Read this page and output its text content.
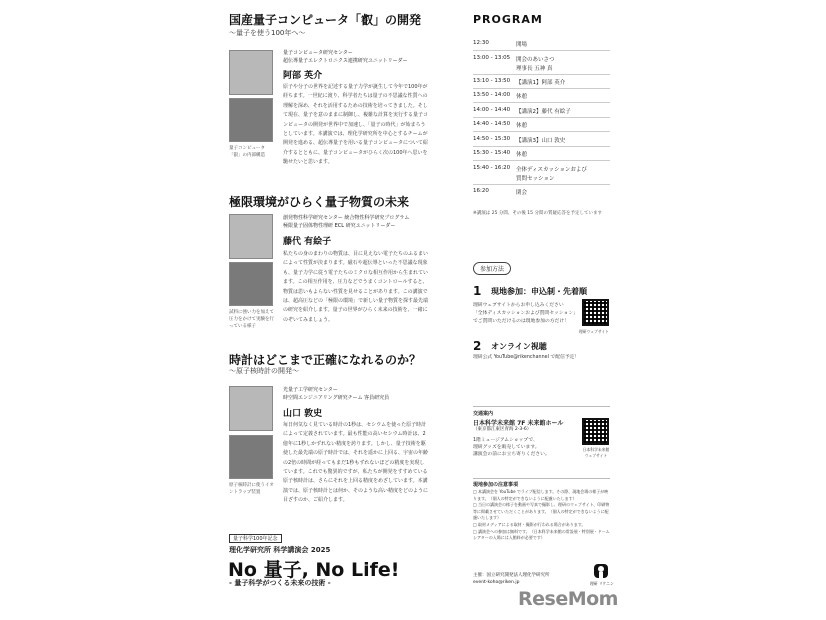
国産量子コンピュータ「叡」の開発
〜量子を使う100年へ〜
量子コンピュータ「叡」の内部構造
量子コンピュータ研究センター
超伝導量子エレクトロニクス連携研究ユニットリーダー
阿部 英介
原子や分子の世界を記述する量子力学が誕生して今年で100年が経ちます。一世紀に渡り、科学者たちは量子の不思議な性質への理解を深め、それを活用するための技術を培ってきました。そして現在、量子を意のままに制御し、複雑な計算を実行する量子コンピュータの開発が世界中で加速し、「量子の時代」が始まろうとしています。本講演では、理化学研究所を中心とするチームが開発を進める、超伝導量子を用いる量子コンピュータについて紹介するとともに、量子コンピュータがひらく次の100年へ思いを馳せたいと思います。
極限環境がひらく量子物質の未来
試料に強い力を加えて圧力をかけて実験を行っている様子
創発物性科学研究センター 統合物性科学研究プログラム
極限量子固体物性理研 ECL 研究ユニットリーダー
藤代 有絵子
私たちの身のまわりの物質は、目に見えない電子たちのふるまいによって性質が決まります。磁石や超伝導といった不思議な現象も、量子力学に従う電子たちのミクロな相互作用から生まれています。この相互作用を、圧力などでうまくコントロールすると、物質は思いもよらない性質を見せることがあります。この講演では、超高圧などの「極限の環境」で新しい量子物質を探す最先端の研究を紹介します。量子の世界がひらく未来の技術を、一緒にのぞいてみましょう。
時計はどこまで正確になれるのか？
〜原子核時計の開発〜
原子核時計に使うイオントラップ装置
光量子工学研究センター
時空間エンジニアリング研究チーム 客員研究員
山口 敦史
毎日何気なく見ている時計の1秒は、セシウムを使った原子時計によって定義されています。最も性能の高いセシウム時計は、2億年に1秒しかずれない精度を誇ります。しかし、量子技術を駆使した最先端の原子時計では、それを遥かに上回る、宇宙の年齢の2倍の時間が経ってもまだ1秒もずれないほどの精度を実現しています。これでも驚異的ですが、私たちが開発をすすめている原子核時計は、さらにそれを上回る精度をめざしています。本講演では、原子核時計とは何か、そのような高い精度をどのように目ざすのか、ご紹介します。
量子科学100年記念
理化学研究所 科学講演会 2025
No 量子, No Life!
- 量子科学がつくる未来の技術 -
PROGRAM
12:30	開場
13:00 - 13:05 開会のあいさつ
理事長 五神 真
13:10 - 13:50 【講演1】阿部 英介
13:50 - 14:00 休憩
14:00 - 14:40 【講演2】藤代 有絵子
14:40 - 14:50 休憩
14:50 - 15:30 【講演3】山口 敦史
15:30 - 15:40 休憩
15:40 - 16:20 全体ディスカッションおよび
質問セッション
16:20	閉会
※講演は 25 分間、その後 15 分間の質疑応答を予定しています
参加方法
1 現地参加：申込制・先着順
理研ウェブサイトからお申し込みください
「全体ディスカッションおよび質問セッション」
でご質問いただけるのは現地参加の方だけ！
理研ウェブサイト
2 オンライン視聴
理研公式 YouTube@rikenchannel で配信予定！
交通案内
日本科学未来館 7F 未来館ホール
（東京都江東区青海 2-3-6）
1階ミュージアムショップで、
理研グッズを販売しています。
講演会の前にお立ち寄りください。
日本科学未来館
ウェブサイト
現地参加の注意事項
□ 本講演会を YouTube でライブ配信します。その際、現地会場の様子が映ります。（個人の特定ができないように配慮いたします）
□ 当日の講演会の様子を動画や写真で撮影し、理研のウェブサイト、印刷物等に掲載させていただくことがあります。（個人の特定ができないように配慮いたします）
□ 取材メディアによる取材・撮影が行われる場合があります。
□ 講演会への参加は無料です。（日本科学未来館の常設展・特別展・ドームシアターの入場には入館料が必要です）
主催：国立研究開発法人理化学研究所
event-koho@riken.jp	理研 リケニン
ReseMom
